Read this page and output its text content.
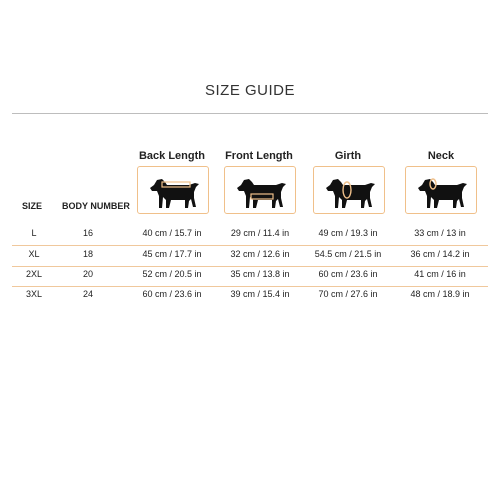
SIZE GUIDE
Back Length	Front Length	Girth	Neck
SIZE BODY NUMBER
L	16	40 cm / 15.7 in	29 cm / 11.4 in	49 cm / 19.3 in	33 cm / 13 in
XL	18	45 cm / 17.7 in	32 cm / 12.6 in	54.5 cm / 21.5 in	36 cm / 14.2 in
2XL	20	52 cm / 20.5 in	35 cm / 13.8 in	60 cm / 23.6 in	41 cm / 16 in
3XL	24	60 cm / 23.6 in	39 cm / 15.4 in	70 cm / 27.6 in	48 cm / 18.9 in
